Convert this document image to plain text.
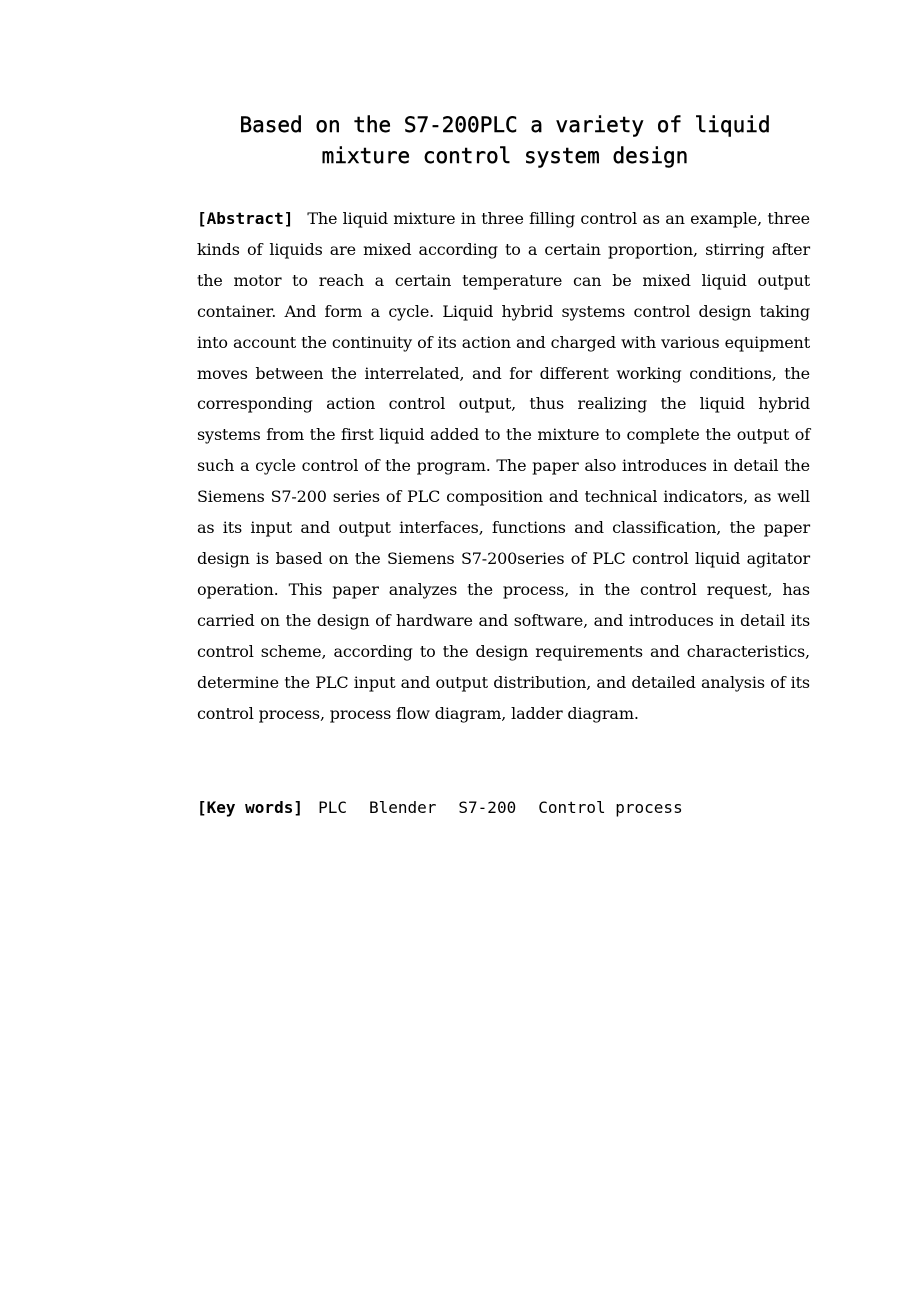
Based on the S7-200PLC a variety of liquid mixture control system design

[Abstract] The liquid mixture in three filling control as an example, three kinds of liquids are mixed according to a certain proportion, stirring after the motor to reach a certain temperature can be mixed liquid output container. And form a cycle. Liquid hybrid systems control design taking into account the continuity of its action and charged with various equipment moves between the interrelated, and for different working conditions, the corresponding action control output, thus realizing the liquid hybrid systems from the first liquid added to the mixture to complete the output of such a cycle control of the program. The paper also introduces in detail the Siemens S7-200 series of PLC composition and technical indicators, as well as its input and output interfaces, functions and classification, the paper design is based on the Siemens S7-200series of PLC control liquid agitator operation. This paper analyzes the process, in the control request, has carried on the design of hardware and software, and introduces in detail its control scheme, according to the design requirements and characteristics, determine the PLC input and output distribution, and detailed analysis of its control process, process flow diagram, ladder diagram.

[Key words] PLC Blender S7-200 Control process
